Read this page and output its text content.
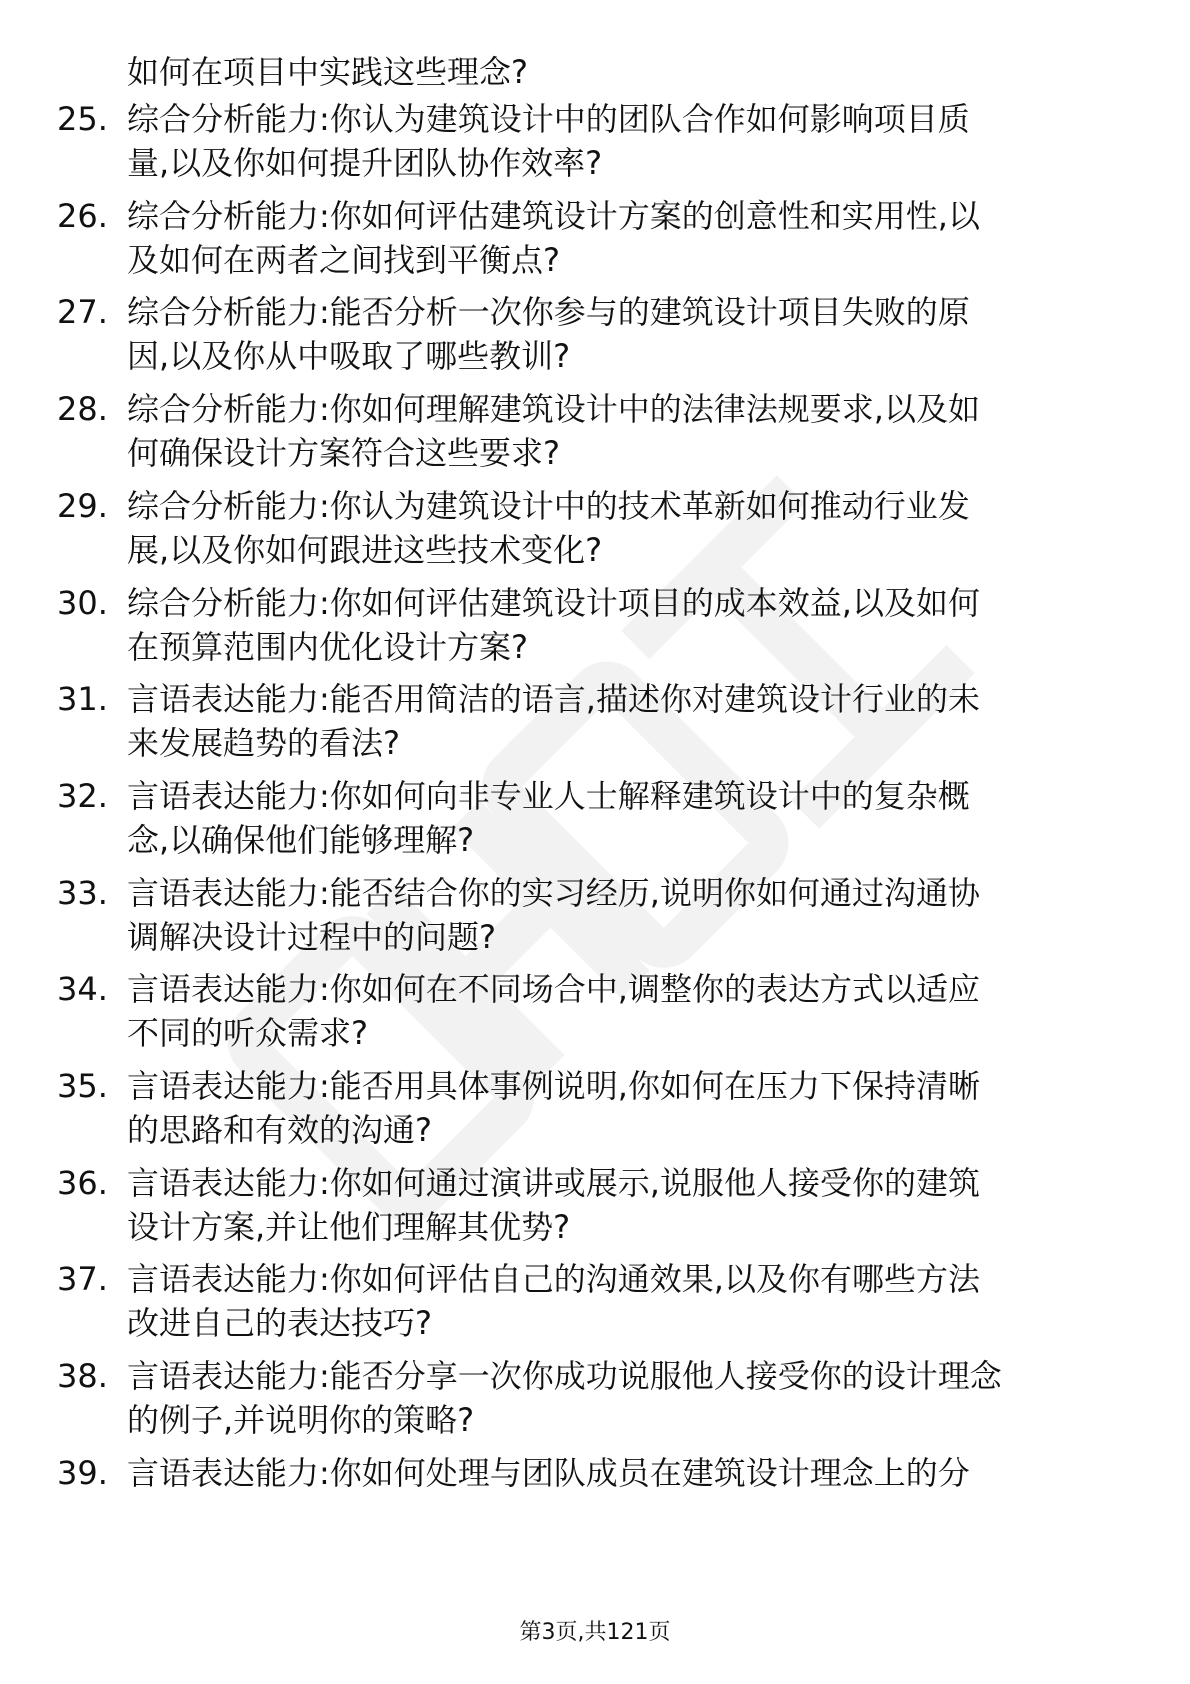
如何在项目中实践这些理念?
25. 综合分析能力:你认为建筑设计中的团队合作如何影响项目质
量,以及你如何提升团队协作效率?
26. 综合分析能力:你如何评估建筑设计方案的创意性和实用性,以
及如何在两者之间找到平衡点?
27. 综合分析能力:能否分析一次你参与的建筑设计项目失败的原
因,以及你从中吸取了哪些教训?
28. 综合分析能力:你如何理解建筑设计中的法律法规要求,以及如
何确保设计方案符合这些要求?
29. 综合分析能力:你认为建筑设计中的技术革新如何推动行业发
展,以及你如何跟进这些技术变化?
30. 综合分析能力:你如何评估建筑设计项目的成本效益,以及如何
在预算范围内优化设计方案?
31. 言语表达能力:能否用简洁的语言,描述你对建筑设计行业的未
来发展趋势的看法?
32. 言语表达能力:你如何向非专业人士解释建筑设计中的复杂概
念,以确保他们能够理解?
33. 言语表达能力:能否结合你的实习经历,说明你如何通过沟通协
调解决设计过程中的问题?
34. 言语表达能力:你如何在不同场合中,调整你的表达方式以适应
不同的听众需求?
35. 言语表达能力:能否用具体事例说明,你如何在压力下保持清晰
的思路和有效的沟通?
36. 言语表达能力:你如何通过演讲或展示,说服他人接受你的建筑
设计方案,并让他们理解其优势?
37. 言语表达能力:你如何评估自己的沟通效果,以及你有哪些方法
改进自己的表达技巧?
38. 言语表达能力:能否分享一次你成功说服他人接受你的设计理念
的例子,并说明你的策略?
39. 言语表达能力:你如何处理与团队成员在建筑设计理念上的分
第3页,共121页
